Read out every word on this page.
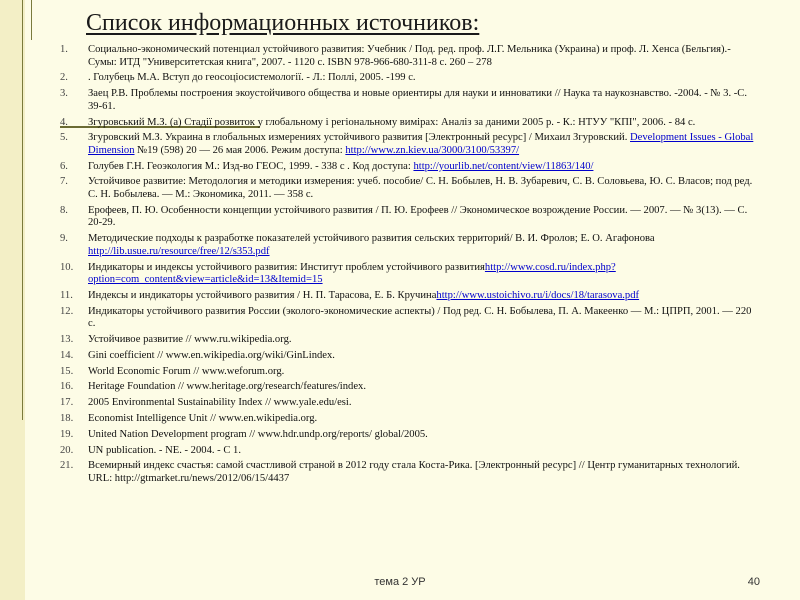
Список информационных источников:
1.	Социально-экономический потенциал устойчивого развития: Учебник / Под. ред. проф. Л.Г. Мельника (Украина) и проф. Л. Хенса (Бельгия).- Сумы: ИТД "Университетская книга", 2007. - 1120 с. ISBN 978-966-680-311-8 с. 260 – 278
2.	. Голубець М.А. Вступ до геосоціосистемології. - Л.: Поллі, 2005. -199 с.
3.	Заец Р.В. Проблемы построения экоустойчивого общества и новые ориентиры для науки и инноватики // Наука та наукознавство. -2004. - № 3. -С. 39-61.
4.	Згуровський М.З. (а) Стадії розвиток у глобальному і регіональному вимірах: Аналіз за даними 2005 р. - К.: НТУУ "КПІ", 2006. - 84 с.
5.	Згуровский М.З. Украина в глобальных измерениях устойчивого развития [Электронный ресурс] / Михаил Згуровский. Development Issues - Global Dimension №19 (598) 20 — 26 мая 2006. Режим доступа: http://www.zn.kiev.ua/3000/3100/53397/
6.	Голубев Г.Н. Геоэкология М.: Изд-во ГЕОС, 1999. - 338 с . Код доступа: http://yourlib.net/content/view/11863/140/
7.	Устойчивое развитие: Методология и методики измерения: учеб. пособие/ С. Н. Бобылев, Н. В. Зубаревич, С. В. Соловьева, Ю. С. Власов; под ред. С. Н. Бобылева. — М.: Экономика, 2011. — 358 с.
8.	Ерофеев, П. Ю. Особенности концепции устойчивого развития / П. Ю. Ерофеев // Экономическое возрождение России. — 2007. — № 3(13). — С. 20-29.
9.	Методические подходы к разработке показателей устойчивого развития сельских территорий/ В. И. Фролов; Е. О. Агафонова http://lib.usue.ru/resource/free/12/s353.pdf
10.	Индикаторы и индексы устойчивого развития: Институт проблем устойчивого развитияhttp://www.cosd.ru/index.php?option=com_content&view=article&id=13&Itemid=15
11.	Индексы и индикаторы устойчивого развития / Н. П. Тарасова, Е. Б. Кручинаhttp://www.ustoichivo.ru/i/docs/18/tarasova.pdf
12.	Индикаторы устойчивого развития России (эколого-экономические аспекты) / Под ред. С. Н. Бобылева, П. А. Макеенко — М.: ЦПРП, 2001. — 220 с.
13.	Устойчивое развитие // www.ru.wikipedia.org.
14.	Gini coefficient // www.en.wikipedia.org/wiki/GinLindex.
15.	World Economic Forum // www.weforum.org.
16.	Heritage Foundation // www.heritage.org/research/features/index.
17.	2005 Environmental Sustainability Index // www.yale.edu/esi.
18.	Economist Intelligence Unit // www.en.wikipedia.org.
19.	United Nation Development program // www.hdr.undp.org/reports/ global/2005.
20.	UN publication. - NE. - 2004. - С 1.
21.	Всемирный индекс счастья: самой счастливой страной в 2012 году стала Коста-Рика. [Электронный ресурс] // Центр гуманитарных технологий. URL: http://gtmarket.ru/news/2012/06/15/4437
тема 2 УР	40
